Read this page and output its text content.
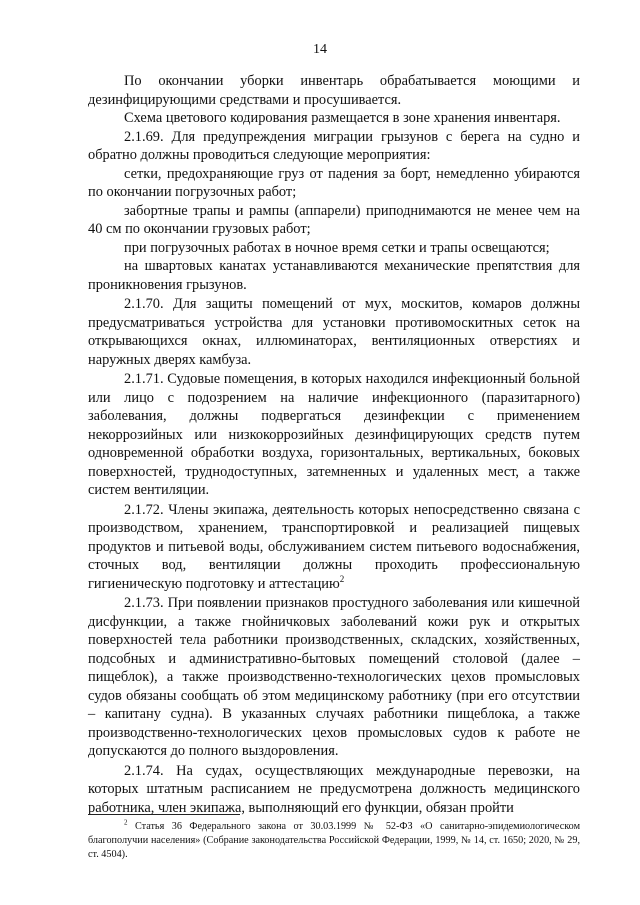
14

По окончании уборки инвентарь обрабатывается моющими и дезинфицирующими средствами и просушивается.

Схема цветового кодирования размещается в зоне хранения инвентаря.

2.1.69. Для предупреждения миграции грызунов с берега на судно и обратно должны проводиться следующие мероприятия:

сетки, предохраняющие груз от падения за борт, немедленно убираются по окончании погрузочных работ;

забортные трапы и рампы (аппарели) приподнимаются не менее чем на 40 см по окончании грузовых работ;

при погрузочных работах в ночное время сетки и трапы освещаются;

на швартовых канатах устанавливаются механические препятствия для проникновения грызунов.

2.1.70. Для защиты помещений от мух, москитов, комаров должны предусматриваться устройства для установки противомоскитных сеток на открывающихся окнах, иллюминаторах, вентиляционных отверстиях и наружных дверях камбуза.

2.1.71. Судовые помещения, в которых находился инфекционный больной или лицо с подозрением на наличие инфекционного (паразитарного) заболевания, должны подвергаться дезинфекции с применением некоррозийных или низкокоррозийных дезинфицирующих средств путем одновременной обработки воздуха, горизонтальных, вертикальных, боковых поверхностей, труднодоступных, затемненных и удаленных мест, а также систем вентиляции.

2.1.72. Члены экипажа, деятельность которых непосредственно связана с производством, хранением, транспортировкой и реализацией пищевых продуктов и питьевой воды, обслуживанием систем питьевого водоснабжения, сточных вод, вентиляции должны проходить профессиональную гигиеническую подготовку и аттестацию$^2$

2.1.73. При появлении признаков простудного заболевания или кишечной дисфункции, а также гнойничковых заболеваний кожи рук и открытых поверхностей тела работники производственных, складских, хозяйственных, подсобных и административно-бытовых помещений столовой (далее – пищеблок), а также производственно-технологических цехов промысловых судов обязаны сообщать об этом медицинскому работнику (при его отсутствии – капитану судна). В указанных случаях работники пищеблока, а также производственно-технологических цехов промысловых судов к работе не допускаются до полного выздоровления.

2.1.74. На судах, осуществляющих международные перевозки, на которых штатным расписанием не предусмотрена должность медицинского работника, член экипажа, выполняющий его функции, обязан пройти

$^2$ Статья 36 Федерального закона от 30.03.1999 № 52-ФЗ «О санитарно-эпидемиологическом благополучии населения» (Собрание законодательства Российской Федерации, 1999, № 14, ст. 1650; 2020, № 29, ст. 4504).
